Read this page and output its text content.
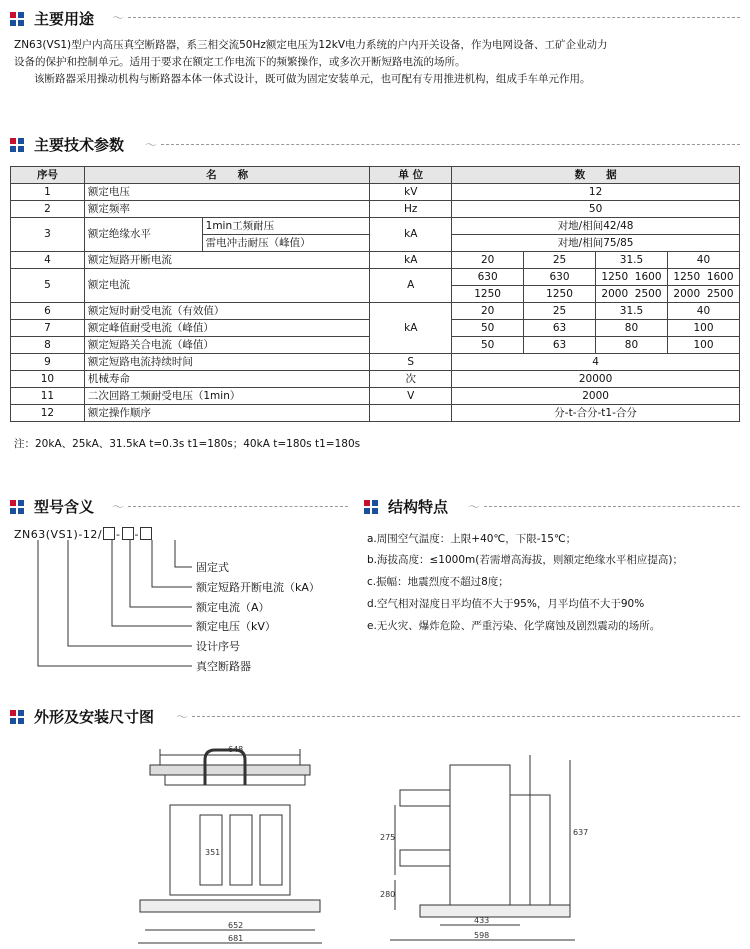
主要用途 〜
ZN63(VS1)型户内高压真空断路器，系三相交流50Hz额定电压为12kV电力系统的户内开关设备，作为电网设备、工矿企业动力
设备的保护和控制单元。适用于要求在额定工作电流下的频繁操作，或多次开断短路电流的场所。
该断路器采用操动机构与断路器本体一体式设计，既可做为固定安装单元，也可配有专用推进机构，组成手车单元作用。
主要技术参数 〜
序号	名　　称		单 位	数　　据			
1	额定电压		kV	12			
2	额定频率		Hz	50			
3	额定绝缘水平	1min工频耐压	kA	对地/相间42/48			
		雷电冲击耐压（峰值）		对地/相间75/85			
4	额定短路开断电流		kA	20	25	31.5	40
5	额定电流		A	630	630	1250  1600	1250  1600
				1250	1250	2000  2500	2000  2500
6	额定短时耐受电流（有效值）		kA	20	25	31.5	40
7	额定峰值耐受电流（峰值）			50	63	80	100
8	额定短路关合电流（峰值）			50	63	80	100
9	额定短路电流持续时间		S	4			
10	机械寿命		次	20000			
11	二次回路工频耐受电压（1min）		V	2000			
12	额定操作顺序			分-t-合分-t1-合分			
注：20kA、25kA、31.5kA t=0.3s t1=180s；40kA t=180s t1=180s
型号含义 〜
ZN63(VS1)-12/ - -
固定式
额定短路开断电流（kA）
额定电流（A）
额定电压（kV）
设计序号
真空断路器
结构特点 〜
a.周围空气温度：上限+40℃，下限-15℃；
b.海拔高度：≤1000m(若需增高海拔，则额定绝缘水平相应提高)；
c.振幅：地震烈度不超过8度；
d.空气相对湿度日平均值不大于95%，月平均值不大于90%
e.无火灾、爆炸危险、严重污染、化学腐蚀及剧烈震动的场所。
外形及安装尺寸图 〜
648
652
681
351
275
280
637
433
598
